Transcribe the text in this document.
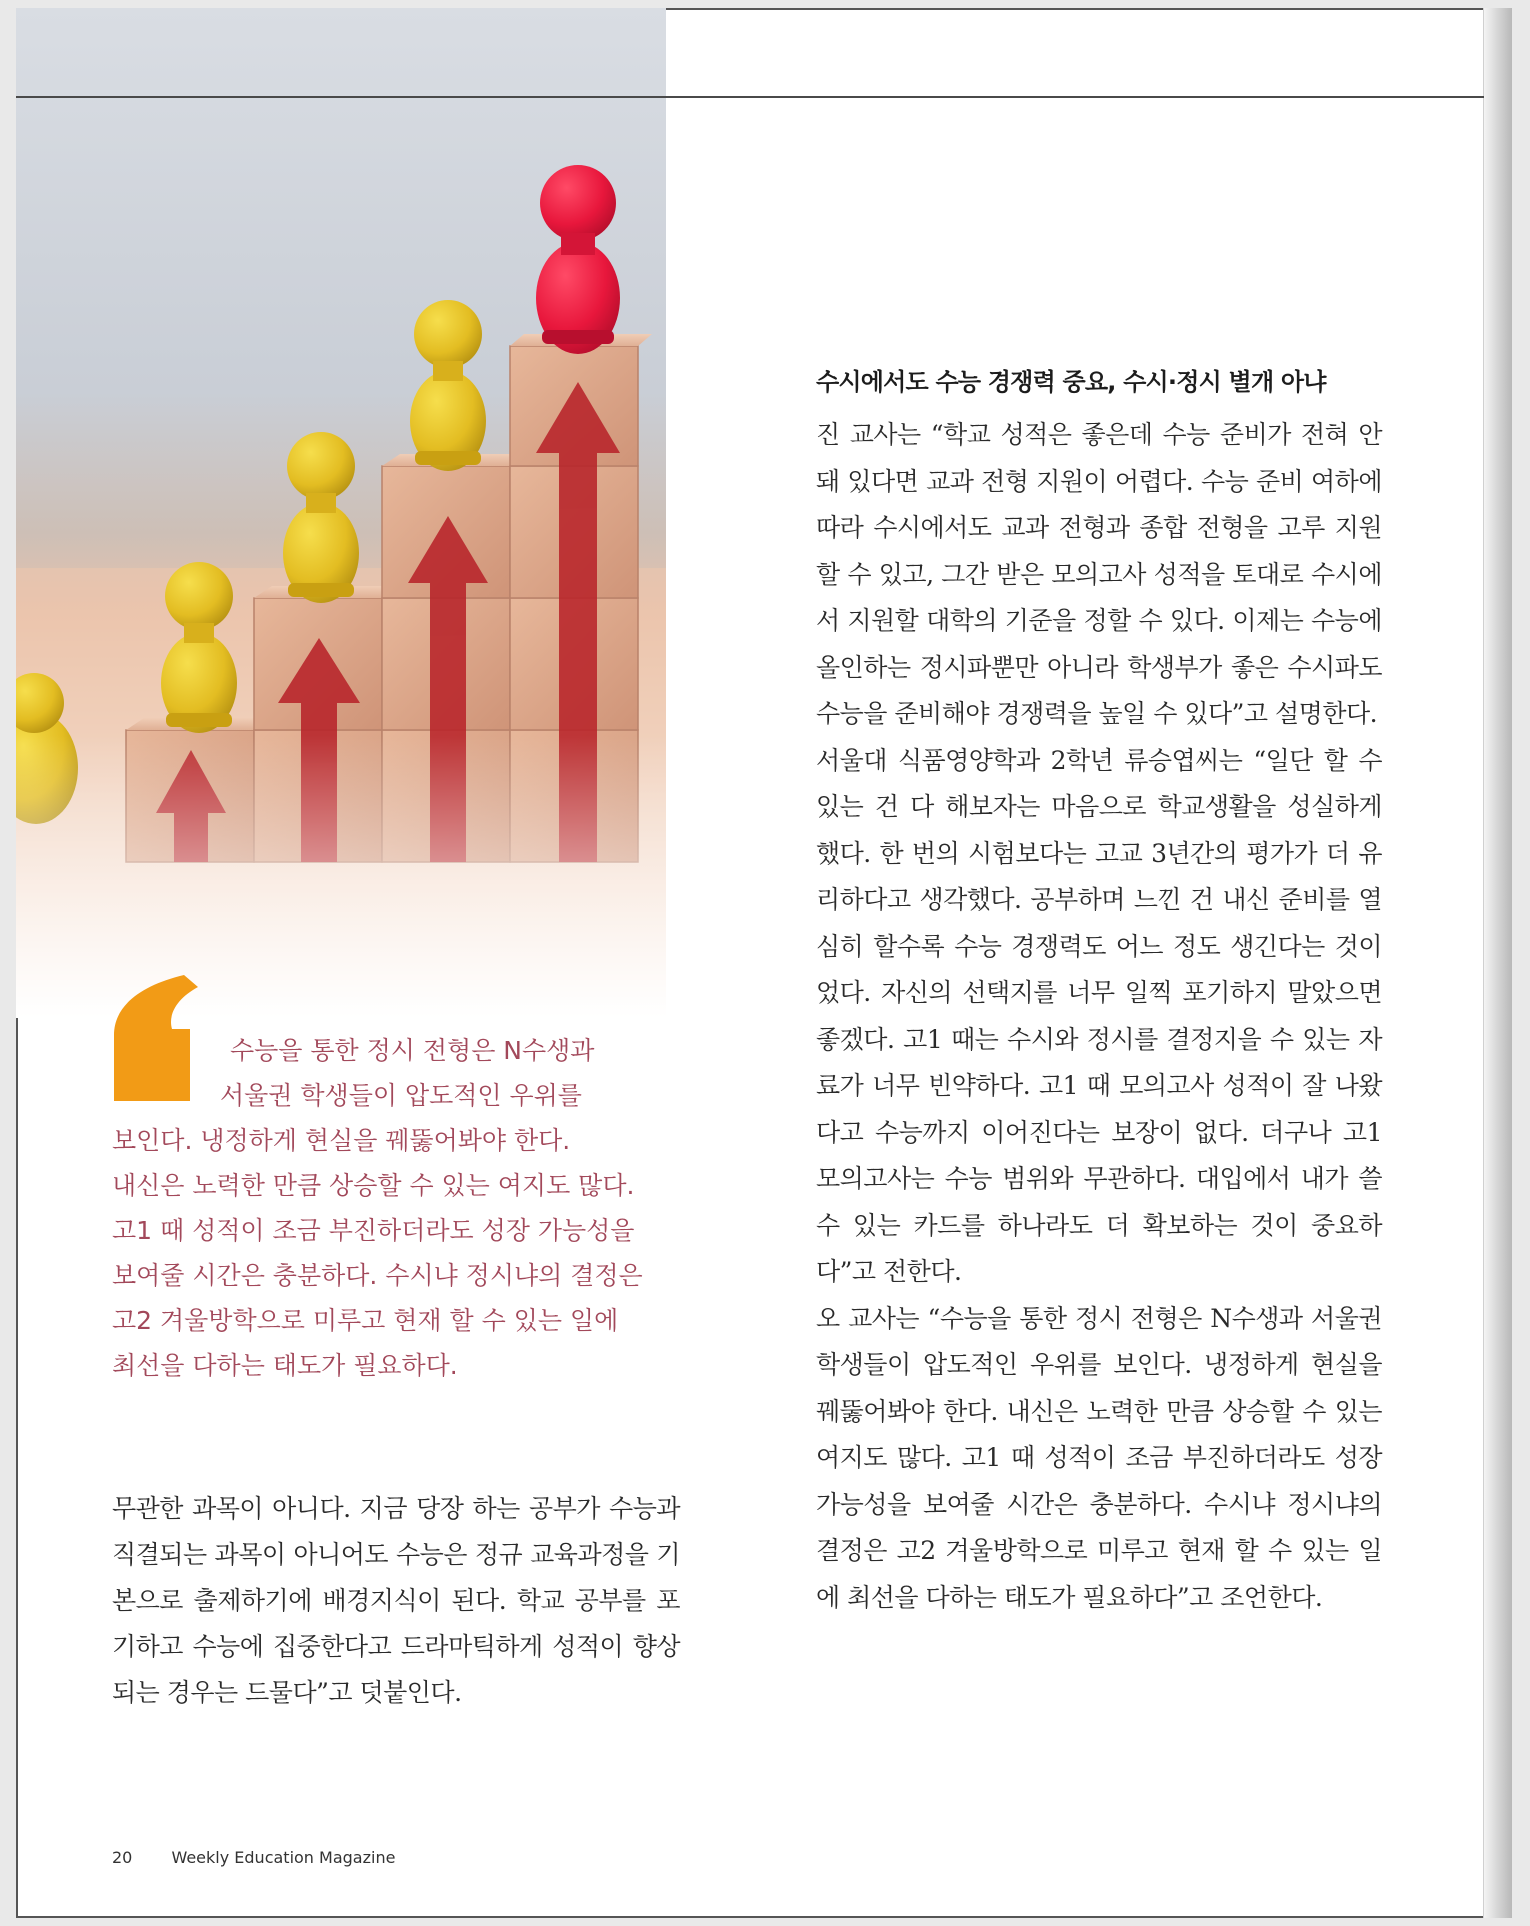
수능을 통한 정시 전형은 N수생과

서울권 학생들이 압도적인 우위를

보인다. 냉정하게 현실을 꿰뚫어봐야 한다.

내신은 노력한 만큼 상승할 수 있는 여지도 많다.

고1 때 성적이 조금 부진하더라도 성장 가능성을

보여줄 시간은 충분하다. 수시냐 정시냐의 결정은

고2 겨울방학으로 미루고 현재 할 수 있는 일에

최선을 다하는 태도가 필요하다.

무관한 과목이 아니다. 지금 당장 하는 공부가 수능과 직결되는 과목이 아니어도 수능은 정규 교육과정을 기본으로 출제하기에 배경지식이 된다. 학교 공부를 포기하고 수능에 집중한다고 드라마틱하게 성적이 향상되는 경우는 드물다”고 덧붙인다.

수시에서도 수능 경쟁력 중요, 수시·정시 별개 아냐

진 교사는 “학교 성적은 좋은데 수능 준비가 전혀 안 돼 있다면 교과 전형 지원이 어렵다. 수능 준비 여하에 따라 수시에서도 교과 전형과 종합 전형을 고루 지원할 수 있고, 그간 받은 모의고사 성적을 토대로 수시에서 지원할 대학의 기준을 정할 수 있다. 이제는 수능에 올인하는 정시파뿐만 아니라 학생부가 좋은 수시파도 수능을 준비해야 경쟁력을 높일 수 있다”고 설명한다.

서울대 식품영양학과 2학년 류승엽씨는 “일단 할 수 있는 건 다 해보자는 마음으로 학교생활을 성실하게 했다. 한 번의 시험보다는 고교 3년간의 평가가 더 유리하다고 생각했다. 공부하며 느낀 건 내신 준비를 열심히 할수록 수능 경쟁력도 어느 정도 생긴다는 것이었다. 자신의 선택지를 너무 일찍 포기하지 말았으면 좋겠다. 고1 때는 수시와 정시를 결정지을 수 있는 자료가 너무 빈약하다. 고1 때 모의고사 성적이 잘 나왔다고 수능까지 이어진다는 보장이 없다. 더구나 고1 모의고사는 수능 범위와 무관하다. 대입에서 내가 쓸 수 있는 카드를 하나라도 더 확보하는 것이 중요하다”고 전한다.

오 교사는 “수능을 통한 정시 전형은 N수생과 서울권 학생들이 압도적인 우위를 보인다. 냉정하게 현실을 꿰뚫어봐야 한다. 내신은 노력한 만큼 상승할 수 있는 여지도 많다. 고1 때 성적이 조금 부진하더라도 성장 가능성을 보여줄 시간은 충분하다. 수시냐 정시냐의 결정은 고2 겨울방학으로 미루고 현재 할 수 있는 일에 최선을 다하는 태도가 필요하다”고 조언한다.

20 Weekly Education Magazine
